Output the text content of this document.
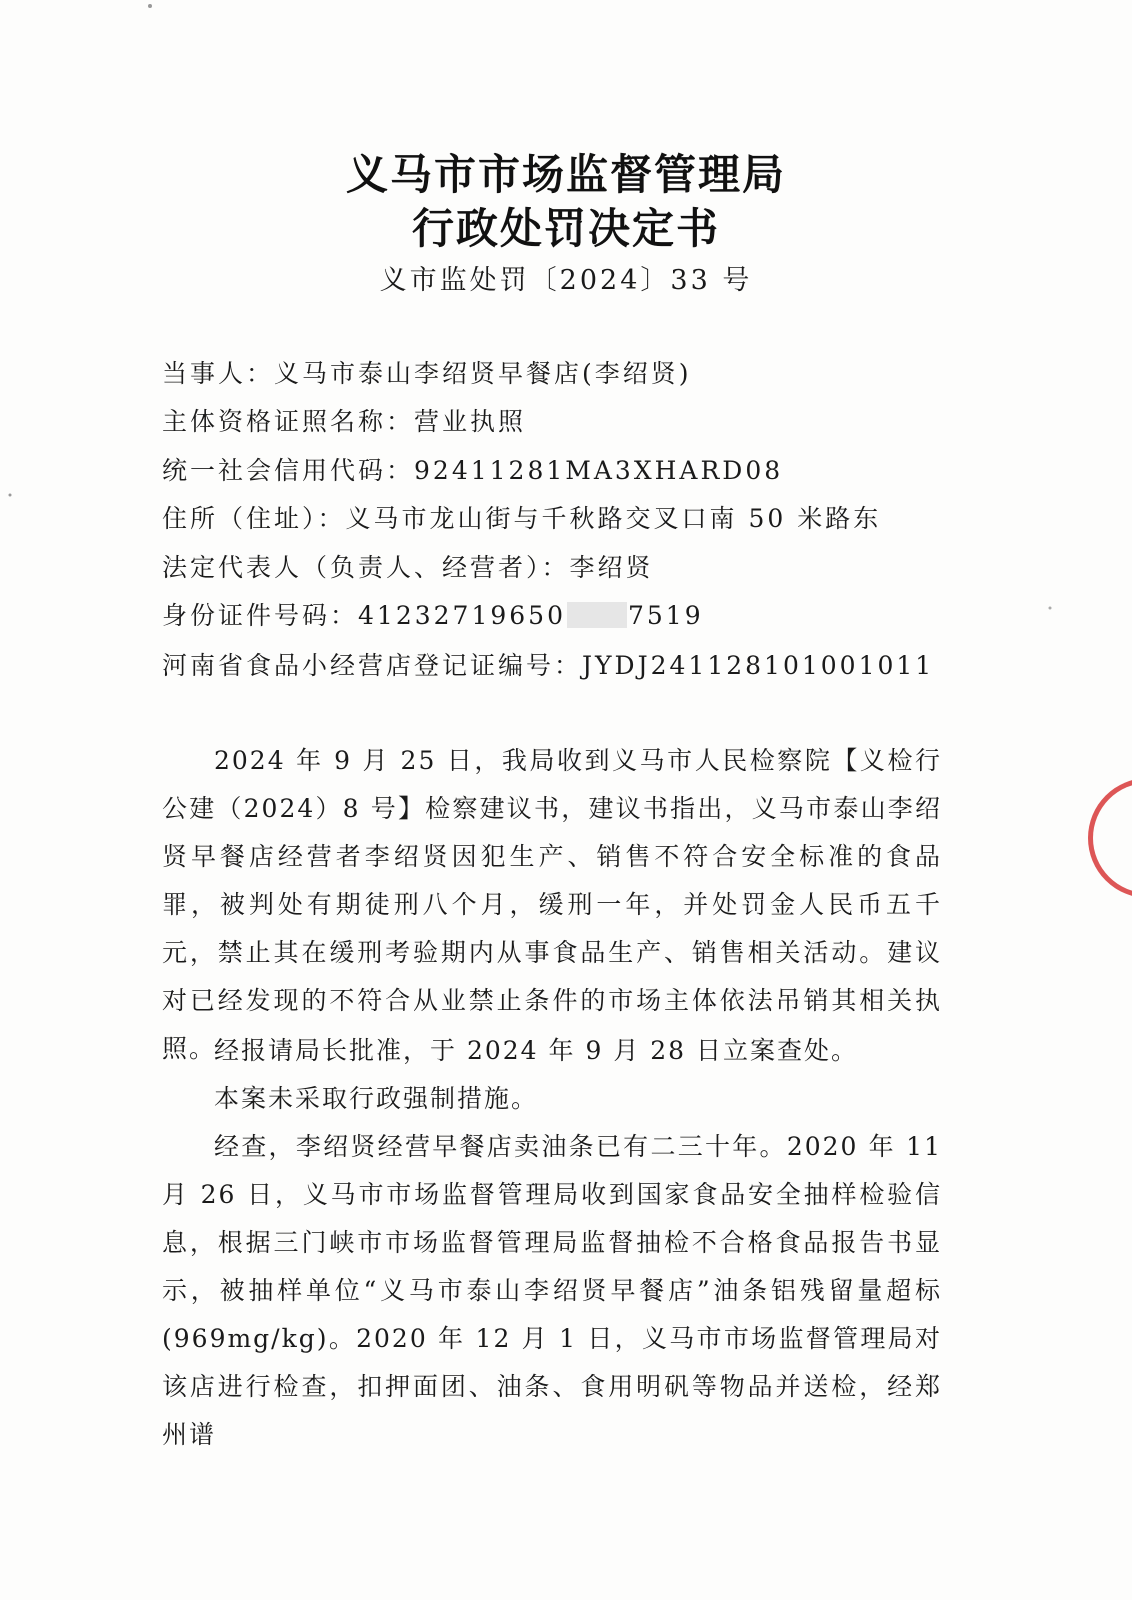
义马市市场监督管理局
行政处罚决定书
义市监处罚〔2024〕33 号
当事人：义马市泰山李绍贤早餐店(李绍贤)
主体资格证照名称：营业执照
统一社会信用代码：92411281MA3XHARD08
住所（住址）：义马市龙山街与千秋路交叉口南 50 米路东
法定代表人（负责人、经营者）：李绍贤
身份证件号码：41232719650 7519
河南省食品小经营店登记证编号：JYDJ241128101001011
2024 年 9 月 25 日，我局收到义马市人民检察院【义检行公建（2024）8 号】检察建议书，建议书指出，义马市泰山李绍贤早餐店经营者李绍贤因犯生产、销售不符合安全标准的食品罪，被判处有期徒刑八个月，缓刑一年，并处罚金人民币五千元，禁止其在缓刑考验期内从事食品生产、销售相关活动。建议对已经发现的不符合从业禁止条件的市场主体依法吊销其相关执照。
经报请局长批准，于 2024 年 9 月 28 日立案查处。
本案未采取行政强制措施。
经查，李绍贤经营早餐店卖油条已有二三十年。2020 年 11 月 26 日，义马市市场监督管理局收到国家食品安全抽样检验信息，根据三门峡市市场监督管理局监督抽检不合格食品报告书显示，被抽样单位“义马市泰山李绍贤早餐店”油条铝残留量超标(969mg/kg)。2020 年 12 月 1 日，义马市市场监督管理局对该店进行检查，扣押面团、油条、食用明矾等物品并送检，经郑州谱
